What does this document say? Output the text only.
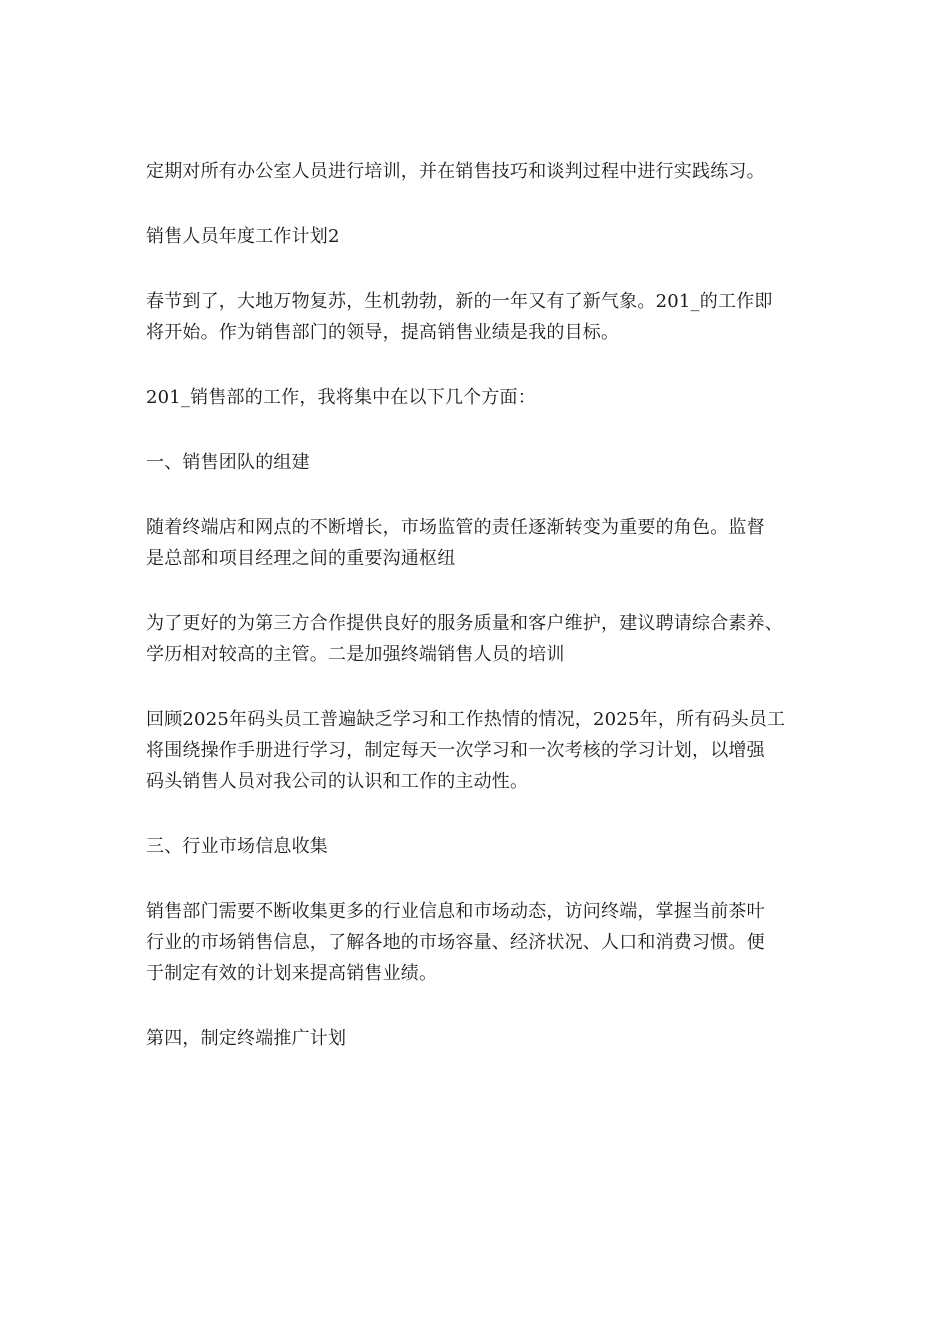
定期对所有办公室人员进行培训，并在销售技巧和谈判过程中进行实践练习。

销售人员年度工作计划2

春节到了，大地万物复苏，生机勃勃，新的一年又有了新气象。201_的工作即
将开始。作为销售部门的领导，提高销售业绩是我的目标。

201_销售部的工作，我将集中在以下几个方面：

一、销售团队的组建

随着终端店和网点的不断增长，市场监管的责任逐渐转变为重要的角色。监督
是总部和项目经理之间的重要沟通枢纽

为了更好的为第三方合作提供良好的服务质量和客户维护，建议聘请综合素养、
学历相对较高的主管。二是加强终端销售人员的培训

回顾2025年码头员工普遍缺乏学习和工作热情的情况，2025年，所有码头员工
将围绕操作手册进行学习，制定每天一次学习和一次考核的学习计划，以增强
码头销售人员对我公司的认识和工作的主动性。

三、行业市场信息收集

销售部门需要不断收集更多的行业信息和市场动态，访问终端，掌握当前茶叶
行业的市场销售信息，了解各地的市场容量、经济状况、人口和消费习惯。便
于制定有效的计划来提高销售业绩。

第四，制定终端推广计划
